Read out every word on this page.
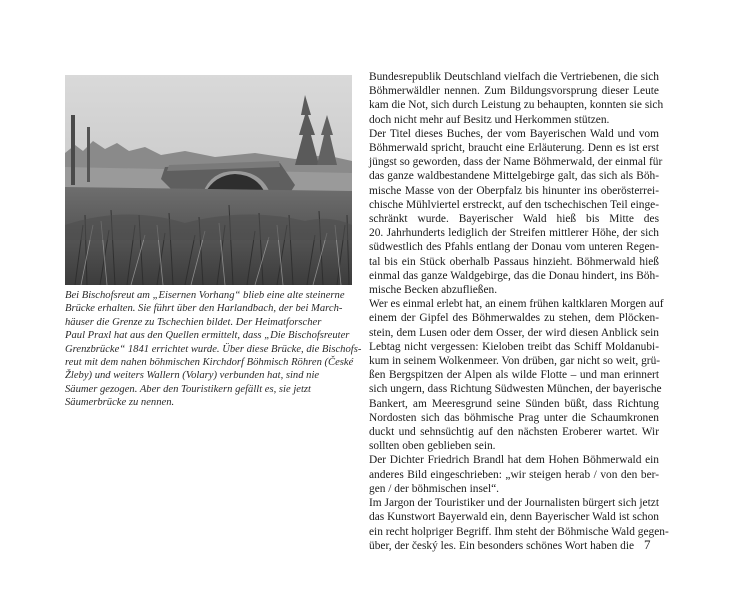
Bei Bischofsreut am „Eisernen Vorhang“ blieb eine alte steinerne
Brücke erhalten. Sie führt über den Harlandbach, der bei March-
häuser die Grenze zu Tschechien bildet. Der Heimatforscher
Paul Praxl hat aus den Quellen ermittelt, dass „Die Bischofsreuter
Grenzbrücke“ 1841 errichtet wurde. Über diese Brücke, die Bischofs-
reut mit dem nahen böhmischen Kirchdorf Böhmisch Röhren (České
Žleby) und weiters Wallern (Volary) verbunden hat, sind nie
Säumer gezogen. Aber den Touristikern gefällt es, sie jetzt
Säumerbrücke zu nennen.
Bundesrepublik Deutschland vielfach die Vertriebenen, die sich
Böhmerwäldler nennen. Zum Bildungsvorsprung dieser Leute
kam die Not, sich durch Leistung zu behaupten, konnten sie sich
doch nicht mehr auf Besitz und Herkommen stützen.
Der Titel dieses Buches, der vom Bayerischen Wald und vom
Böhmerwald spricht, braucht eine Erläuterung. Denn es ist erst
jüngst so geworden, dass der Name Böhmerwald, der einmal für
das ganze waldbestandene Mittelgebirge galt, das sich als Böh-
mische Masse von der Oberpfalz bis hinunter ins oberösterrei-
chische Mühlviertel erstreckt, auf den tschechischen Teil einge-
schränkt wurde. Bayerischer Wald hieß bis Mitte des
20. Jahrhunderts lediglich der Streifen mittlerer Höhe, der sich
südwestlich des Pfahls entlang der Donau vom unteren Regen-
tal bis ein Stück oberhalb Passaus hinzieht. Böhmerwald hieß
einmal das ganze Waldgebirge, das die Donau hindert, ins Böh-
mische Becken abzufließen.
Wer es einmal erlebt hat, an einem frühen kaltklaren Morgen auf
einem der Gipfel des Böhmerwaldes zu stehen, dem Plöcken-
stein, dem Lusen oder dem Osser, der wird diesen Anblick sein
Lebtag nicht vergessen: Kieloben treibt das Schiff Moldanubi-
kum in seinem Wolkenmeer. Von drüben, gar nicht so weit, grü-
ßen Bergspitzen der Alpen als wilde Flotte – und man erinnert
sich ungern, dass Richtung Südwesten München, der bayerische
Bankert, am Meeresgrund seine Sünden büßt, dass Richtung
Nordosten sich das böhmische Prag unter die Schaumkronen
duckt und sehnsüchtig auf den nächsten Eroberer wartet. Wir
sollten oben geblieben sein.
Der Dichter Friedrich Brandl hat dem Hohen Böhmerwald ein
anderes Bild eingeschrieben: „wir steigen herab / von den ber-
gen / der böhmischen insel“.
Im Jargon der Touristiker und der Journalisten bürgert sich jetzt
das Kunstwort Bayerwald ein, denn Bayerischer Wald ist schon
ein recht holpriger Begriff. Ihm steht der Böhmische Wald gegen-
über, der český les. Ein besonders schönes Wort haben die 7
